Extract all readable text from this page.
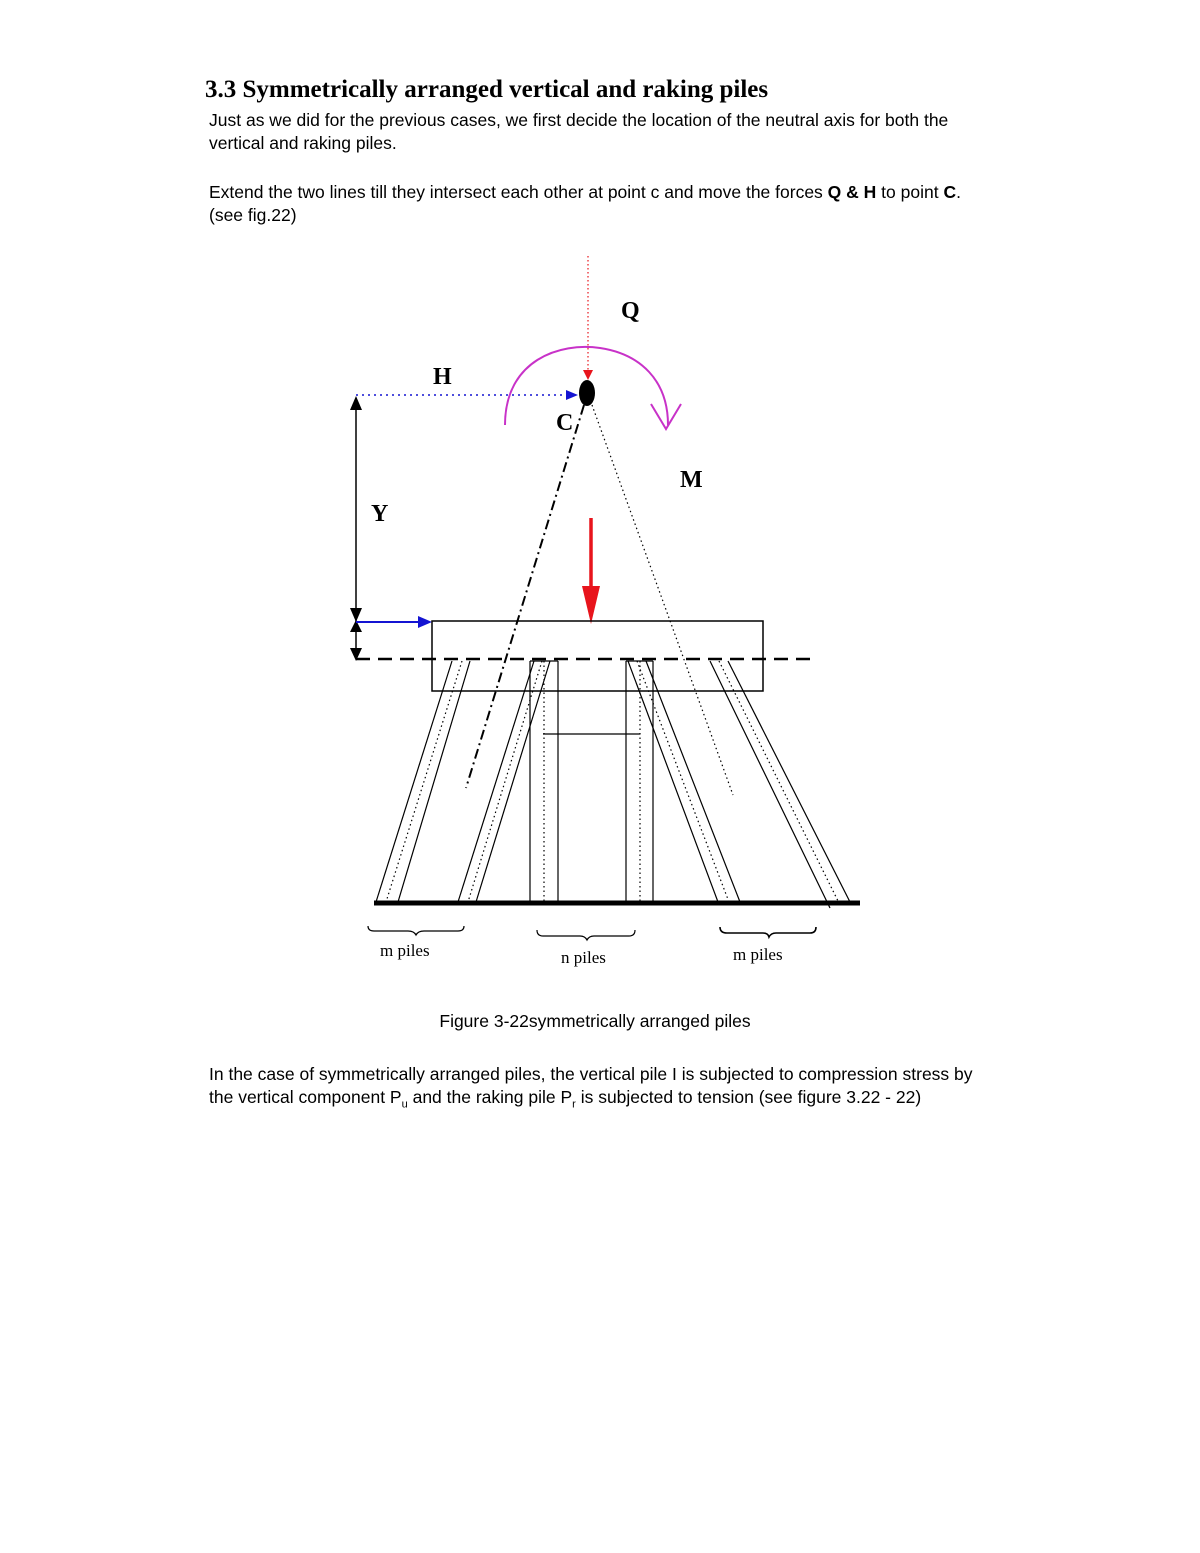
3.3 Symmetrically arranged vertical and raking piles

Just as we did for the previous cases, we first decide the location of the neutral axis for both the vertical and raking piles.

Extend the two lines till they intersect each other at point c and move the forces Q & H to point C. (see fig.22)

Q
H
C
M
Y
m piles	n piles	m piles

Figure 3-22symmetrically arranged piles

In the case of symmetrically arranged piles, the vertical pile I is subjected to compression stress by the vertical component $P_u$ and the raking pile $P_r$ is subjected to tension (see figure 3.22 - 22)
